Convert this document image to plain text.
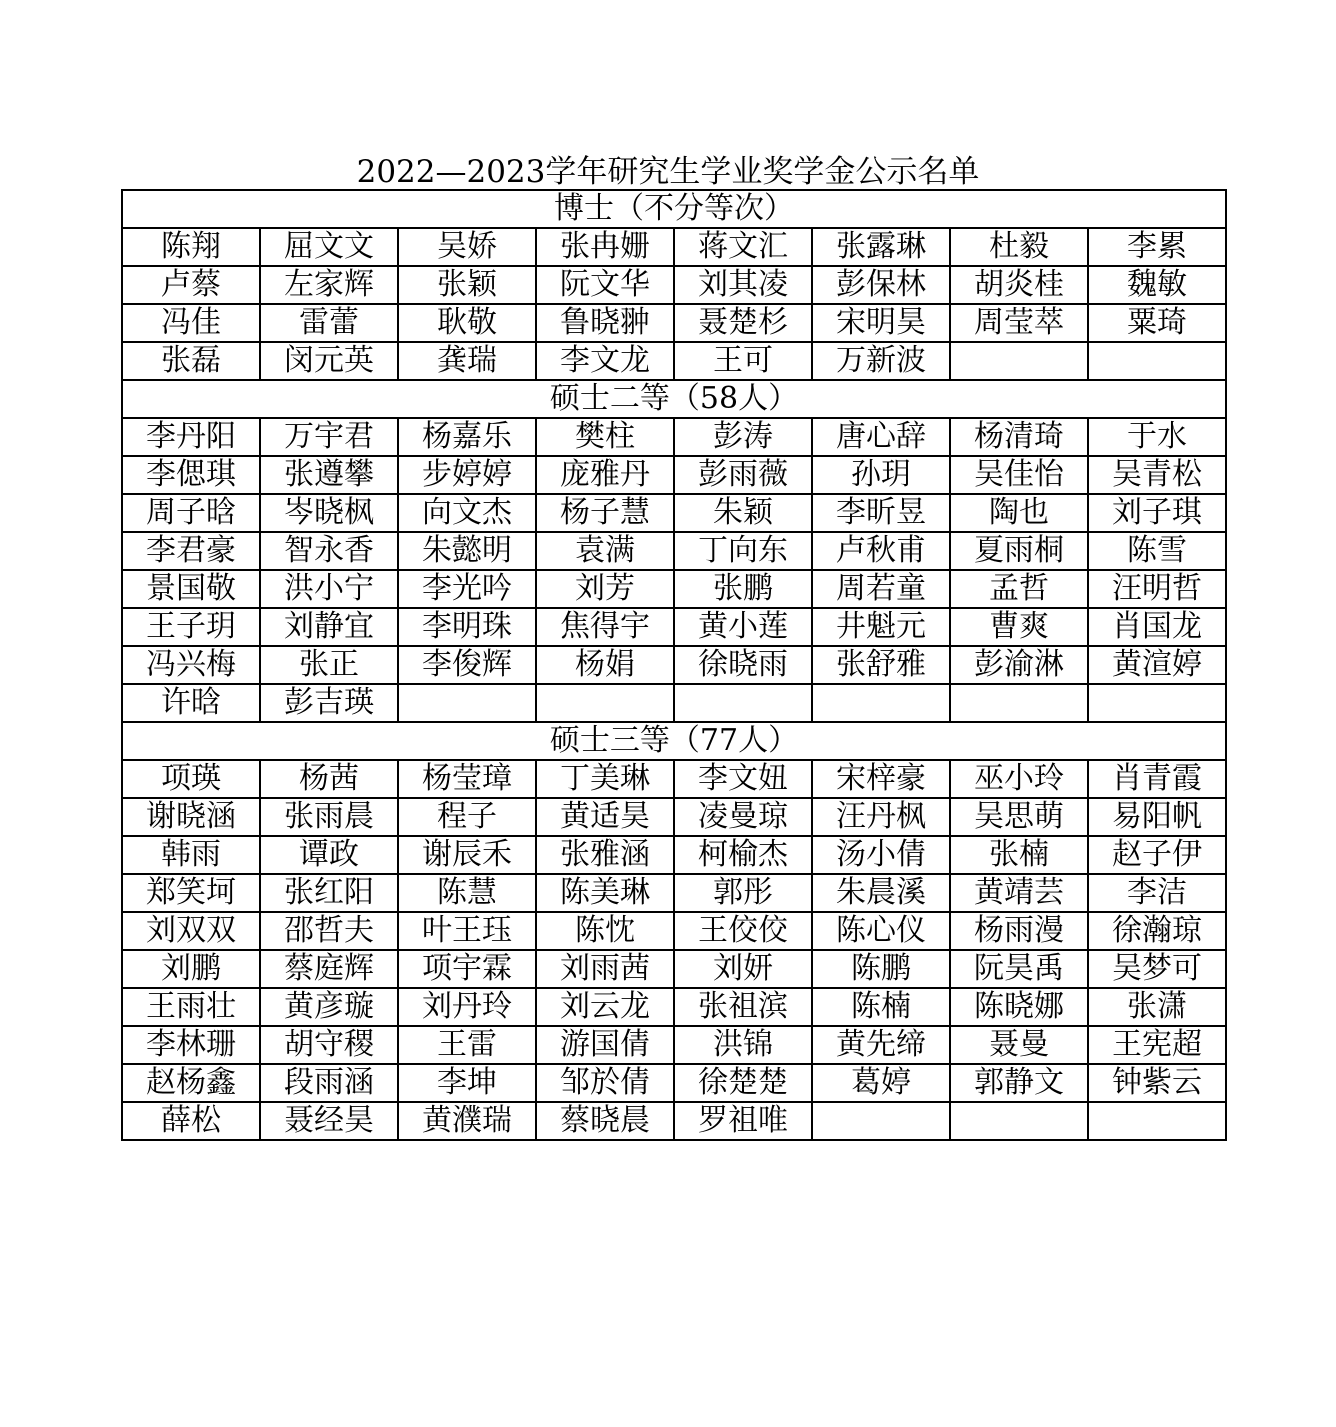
2022—2023学年研究生学业奖学金公示名单
博士（不分等次）							
陈翔	屈文文	吴娇	张冉姗	蒋文汇	张露琳	杜毅	李累
卢蔡	左家辉	张颖	阮文华	刘其凌	彭保林	胡炎桂	魏敏
冯佳	雷蕾	耿敬	鲁晓翀	聂楚杉	宋明昊	周莹萃	粟琦
张磊	闵元英	龚瑞	李文龙	王可	万新波		
硕士二等（58人）							
李丹阳	万宇君	杨嘉乐	樊柱	彭涛	唐心辞	杨清琦	于水
李偲琪	张遵攀	步婷婷	庞雅丹	彭雨薇	孙玥	吴佳怡	吴青松
周子晗	岑晓枫	向文杰	杨子慧	朱颖	李昕昱	陶也	刘子琪
李君豪	智永香	朱懿明	袁满	丁向东	卢秋甫	夏雨桐	陈雪
景国敬	洪小宁	李光吟	刘芳	张鹏	周若童	孟哲	汪明哲
王子玥	刘静宜	李明珠	焦得宇	黄小莲	井魁元	曹爽	肖国龙
冯兴梅	张正	李俊辉	杨娟	徐晓雨	张舒雅	彭渝淋	黄渲婷
许晗	彭吉瑛						
硕士三等（77人）							
项瑛	杨茜	杨莹璋	丁美琳	李文妞	宋梓豪	巫小玲	肖青霞
谢晓涵	张雨晨	程子	黄适昊	凌曼琼	汪丹枫	吴思萌	易阳帆
韩雨	谭政	谢辰禾	张雅涵	柯榆杰	汤小倩	张楠	赵子伊
郑笑坷	张红阳	陈慧	陈美琳	郭彤	朱晨溪	黄靖芸	李洁
刘双双	邵哲夫	叶王珏	陈忱	王佼佼	陈心仪	杨雨漫	徐瀚琼
刘鹏	蔡庭辉	项宇霖	刘雨茜	刘妍	陈鹏	阮昊禹	吴梦可
王雨壮	黄彦璇	刘丹玲	刘云龙	张祖滨	陈楠	陈晓娜	张潇
李林珊	胡守稷	王雷	游国倩	洪锦	黄先缔	聂曼	王宪超
赵杨鑫	段雨涵	李坤	邹於倩	徐楚楚	葛婷	郭静文	钟紫云
薛松	聂经昊	黄濮瑞	蔡晓晨	罗祖唯			
